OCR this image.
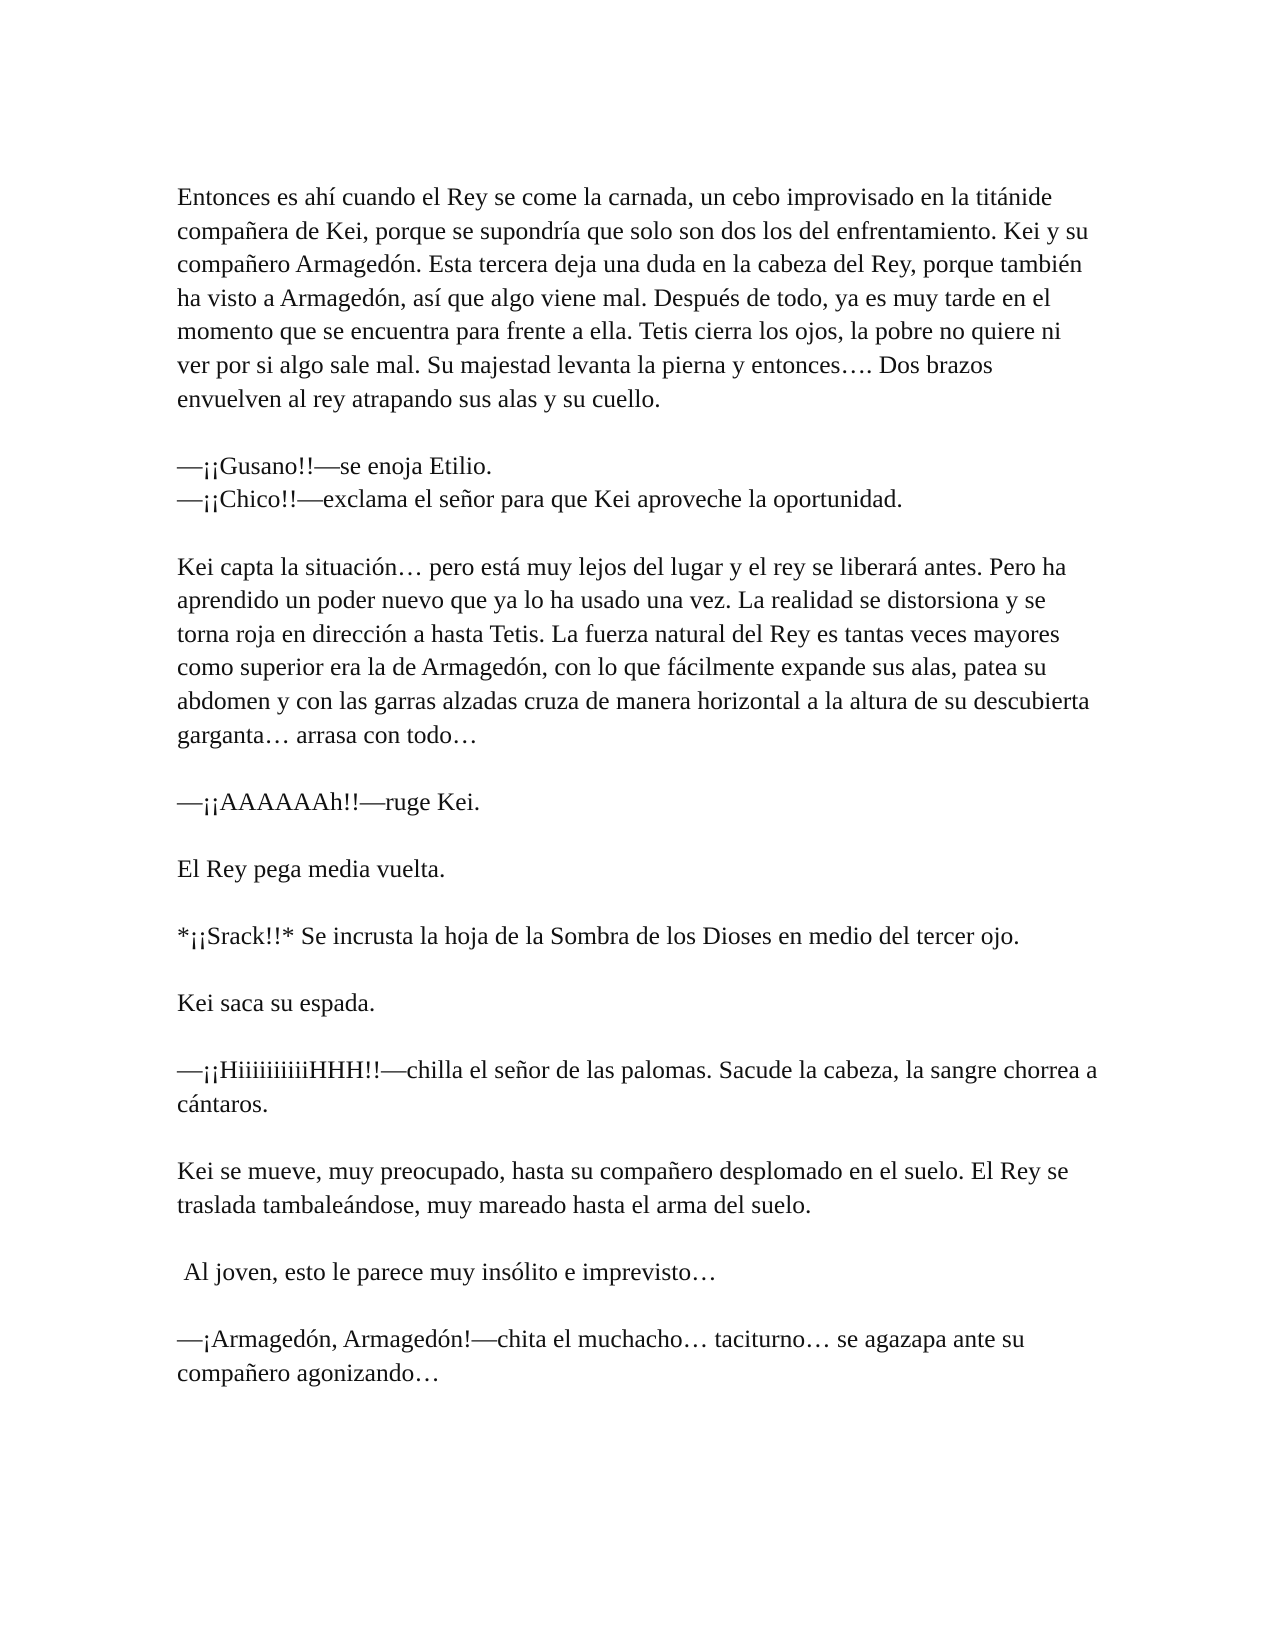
Entonces es ahí cuando el Rey se come la carnada, un cebo improvisado en la titánide compañera de Kei, porque se supondría que solo son dos los del enfrentamiento. Kei y su compañero Armagedón. Esta tercera deja una duda en la cabeza del Rey, porque también ha visto a Armagedón, así que algo viene mal. Después de todo, ya es muy tarde en el momento que se encuentra para frente a ella. Tetis cierra los ojos, la pobre no quiere ni ver por si algo sale mal. Su majestad levanta la pierna y entonces…. Dos brazos envuelven al rey atrapando sus alas y su cuello.

—¡¡Gusano!!—se enoja Etilio.

—¡¡Chico!!—exclama el señor para que Kei aproveche la oportunidad.

Kei capta la situación… pero está muy lejos del lugar y el rey se liberará antes. Pero ha aprendido un poder nuevo que ya lo ha usado una vez. La realidad se distorsiona y se torna roja en dirección a hasta Tetis. La fuerza natural del Rey es tantas veces mayores como superior era la de Armagedón, con lo que fácilmente expande sus alas, patea su abdomen y con las garras alzadas cruza de manera horizontal a la altura de su descubierta garganta… arrasa con todo…

—¡¡AAAAAAh!!—ruge Kei.

El Rey pega media vuelta.

*¡¡Srack!!* Se incrusta la hoja de la Sombra de los Dioses en medio del tercer ojo.

Kei saca su espada.

—¡¡HiiiiiiiiiiHHH!!—chilla el señor de las palomas. Sacude la cabeza, la sangre chorrea a cántaros.

Kei se mueve, muy preocupado, hasta su compañero desplomado en el suelo. El Rey se traslada tambaleándose, muy mareado hasta el arma del suelo.

Al joven, esto le parece muy insólito e imprevisto…

—¡Armagedón, Armagedón!—chita el muchacho… taciturno… se agazapa ante su compañero agonizando…
